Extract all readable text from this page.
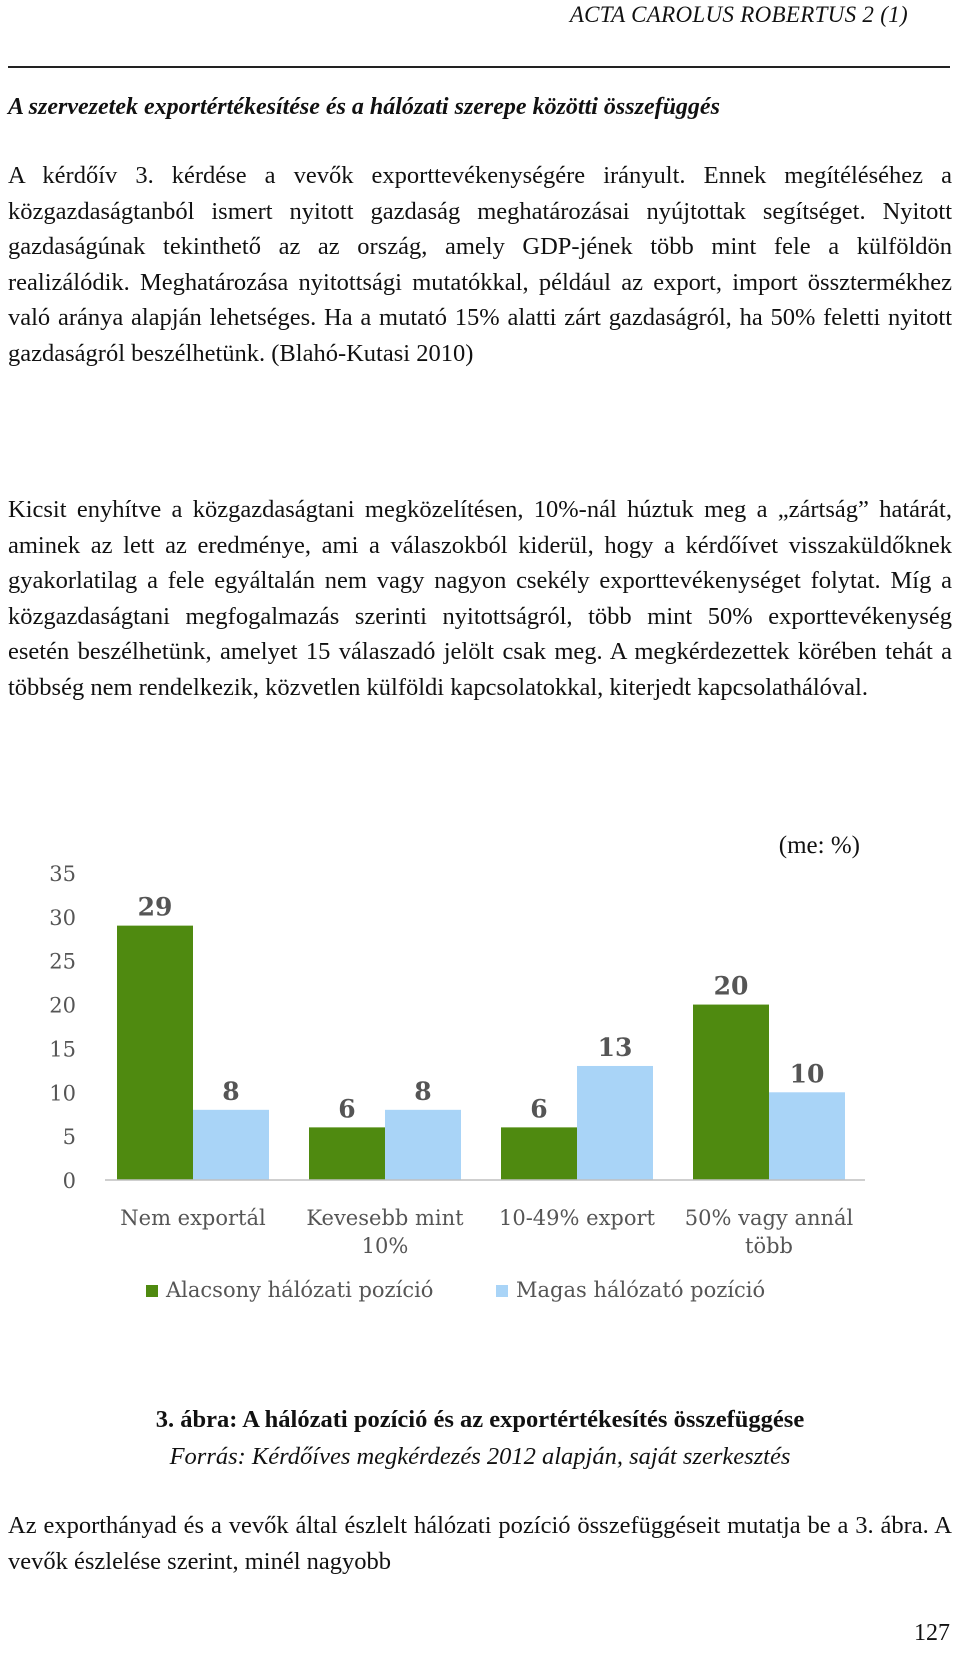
ACTA CAROLUS ROBERTUS 2 (1)
A szervezetek exportértékesítése és a hálózati szerepe közötti összefüggés

A kérdőív 3. kérdése a vevők exporttevékenységére irányult. Ennek megítéléséhez a közgazdaságtanból ismert nyitott gazdaság meghatározásai nyújtottak segítséget. Nyitott gazdaságúnak tekinthető az az ország, amely GDP-jének több mint fele a külföldön realizálódik. Meghatározása nyitottsági mutatókkal, például az export, import össztermékhez való aránya alapján lehetséges. Ha a mutató 15% alatti zárt gazdaságról, ha 50% feletti nyitott gazdaságról beszélhetünk. (Blahó-Kutasi 2010)

Kicsit enyhítve a közgazdaságtani megközelítésen, 10%-nál húztuk meg a „zártság” határát, aminek az lett az eredménye, ami a válaszokból kiderül, hogy a kérdőívet visszaküldőknek gyakorlatilag a fele egyáltalán nem vagy nagyon csekély exporttevékenységet folytat. Míg a közgazdaságtani megfogalmazás szerinti nyitottságról, több mint 50% exporttevékenység esetén beszélhetünk, amelyet 15 válaszadó jelölt csak meg. A megkérdezettek körében tehát a többség nem rendelkezik, közvetlen külföldi kapcsolatokkal, kiterjedt kapcsolathálóval.

(me: %)
0
5
10
15
20
25
30
35
29
6	6
20
8	8
13
10
Nem exportál Kevesebb mint
10%
10-49% export 50% vagy annál
több
Alacsony hálózati pozíció	Magas hálózató pozíció
3. ábra: A hálózati pozíció és az exportértékesítés összefüggése
Forrás: Kérdőíves megkérdezés 2012 alapján, saját szerkesztés

Az exporthányad és a vevők által észlelt hálózati pozíció összefüggéseit mutatja be a 3. ábra. A vevők észlelése szerint, minél nagyobb

127
